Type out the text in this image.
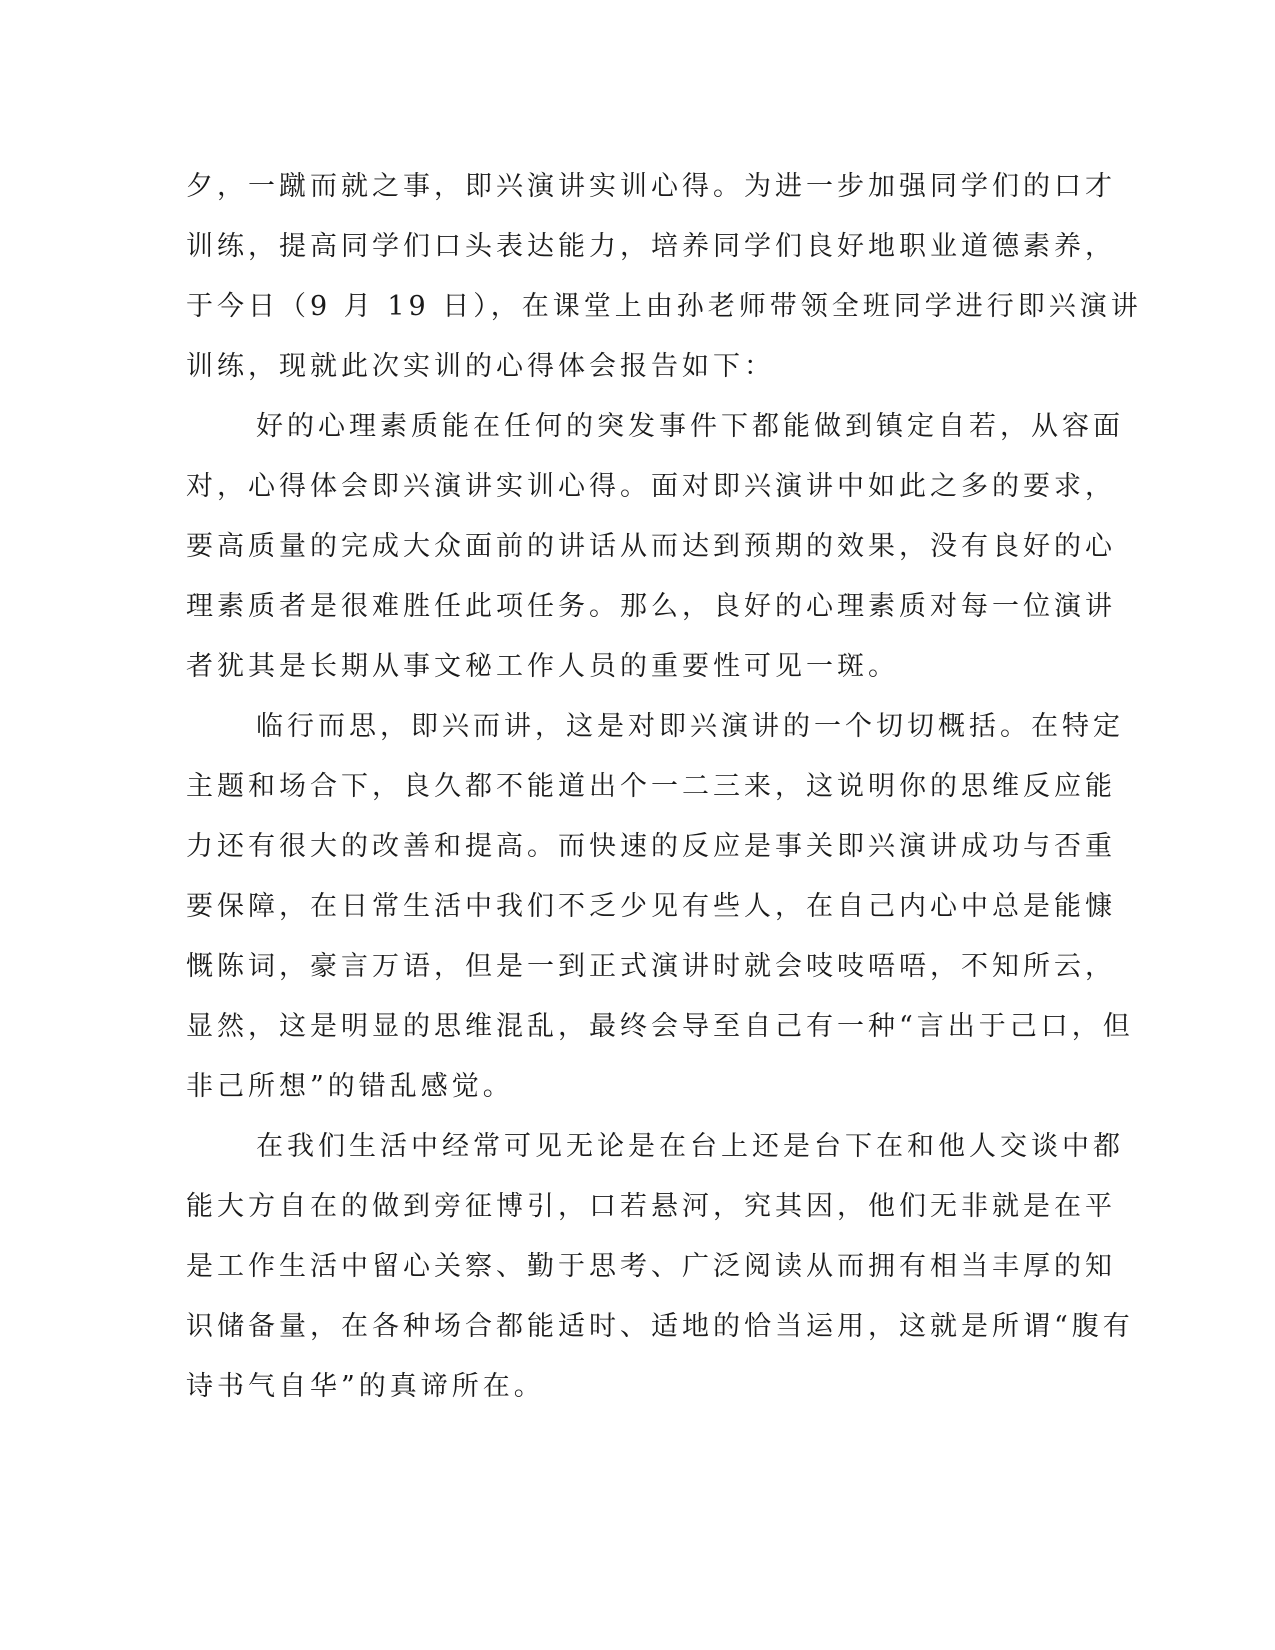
夕，一蹴而就之事，即兴演讲实训心得。为进一步加强同学们的口才
训练，提高同学们口头表达能力，培养同学们良好地职业道德素养，
于今日（9 月 19 日），在课堂上由孙老师带领全班同学进行即兴演讲
训练，现就此次实训的心得体会报告如下：
好的心理素质能在任何的突发事件下都能做到镇定自若，从容面
对，心得体会即兴演讲实训心得。面对即兴演讲中如此之多的要求，
要高质量的完成大众面前的讲话从而达到预期的效果，没有良好的心
理素质者是很难胜任此项任务。那么，良好的心理素质对每一位演讲
者犹其是长期从事文秘工作人员的重要性可见一斑。
临行而思，即兴而讲，这是对即兴演讲的一个切切概括。在特定
主题和场合下，良久都不能道出个一二三来，这说明你的思维反应能
力还有很大的改善和提高。而快速的反应是事关即兴演讲成功与否重
要保障，在日常生活中我们不乏少见有些人，在自己内心中总是能慷
慨陈词，豪言万语，但是一到正式演讲时就会吱吱唔唔，不知所云，
显然，这是明显的思维混乱，最终会导至自己有一种“言出于己口，但
非己所想”的错乱感觉。
在我们生活中经常可见无论是在台上还是台下在和他人交谈中都
能大方自在的做到旁征博引，口若悬河，究其因，他们无非就是在平
是工作生活中留心关察、勤于思考、广泛阅读从而拥有相当丰厚的知
识储备量，在各种场合都能适时、适地的恰当运用，这就是所谓“腹有
诗书气自华”的真谛所在。
